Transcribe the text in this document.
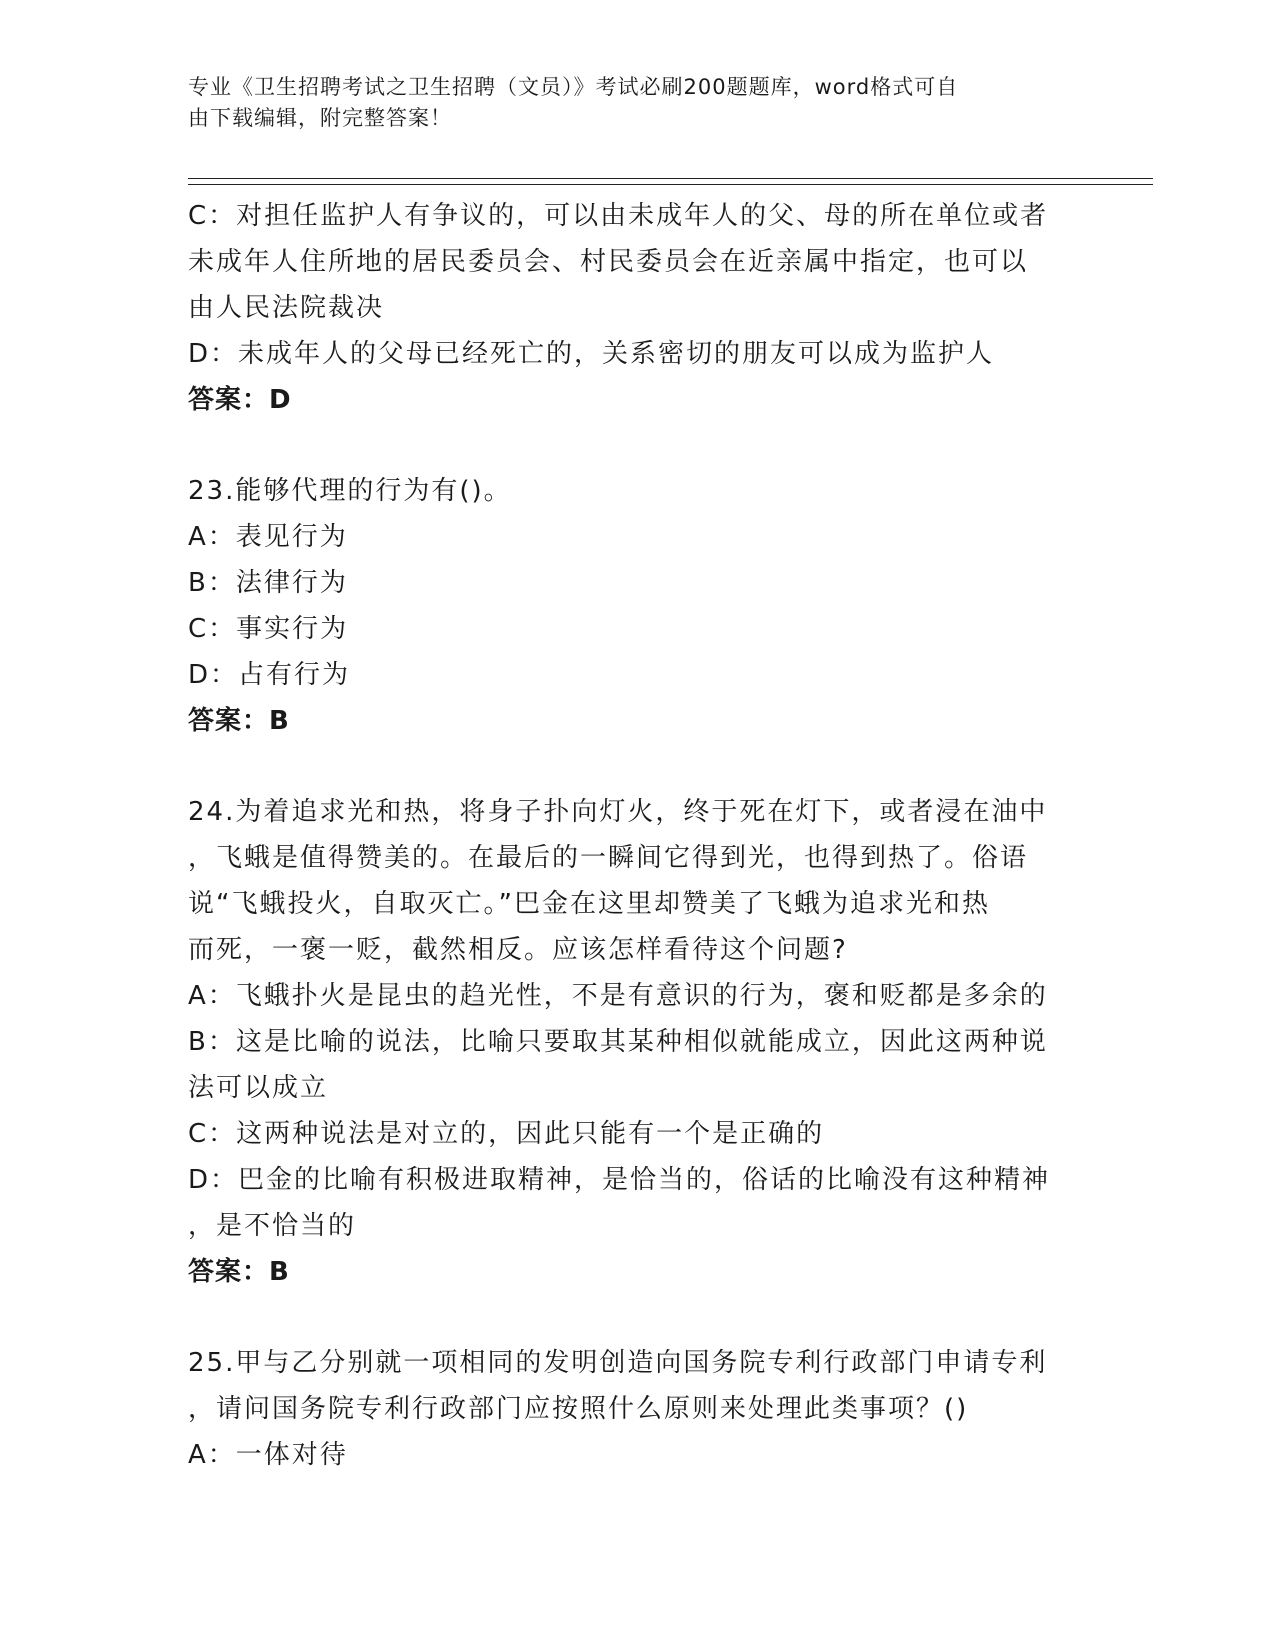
专业《卫生招聘考试之卫生招聘（文员）》考试必刷200题题库，word格式可自
由下载编辑，附完整答案！

C：对担任监护人有争议的，可以由未成年人的父、母的所在单位或者

未成年人住所地的居民委员会、村民委员会在近亲属中指定，也可以

由人民法院裁决

D：未成年人的父母已经死亡的，关系密切的朋友可以成为监护人

答案：D

23.能够代理的行为有()。

A：表见行为

B：法律行为

C：事实行为

D：占有行为

答案：B

24.为着追求光和热，将身子扑向灯火，终于死在灯下，或者浸在油中

，飞蛾是值得赞美的。在最后的一瞬间它得到光，也得到热了。俗语

说“飞蛾投火，自取灭亡。”巴金在这里却赞美了飞蛾为追求光和热

而死，一褒一贬，截然相反。应该怎样看待这个问题?

A：飞蛾扑火是昆虫的趋光性，不是有意识的行为，褒和贬都是多余的

B：这是比喻的说法，比喻只要取其某种相似就能成立，因此这两种说

法可以成立

C：这两种说法是对立的，因此只能有一个是正确的

D：巴金的比喻有积极进取精神，是恰当的，俗话的比喻没有这种精神

，是不恰当的

答案：B

25.甲与乙分别就一项相同的发明创造向国务院专利行政部门申请专利

，请问国务院专利行政部门应按照什么原则来处理此类事项？()

A：一体对待
